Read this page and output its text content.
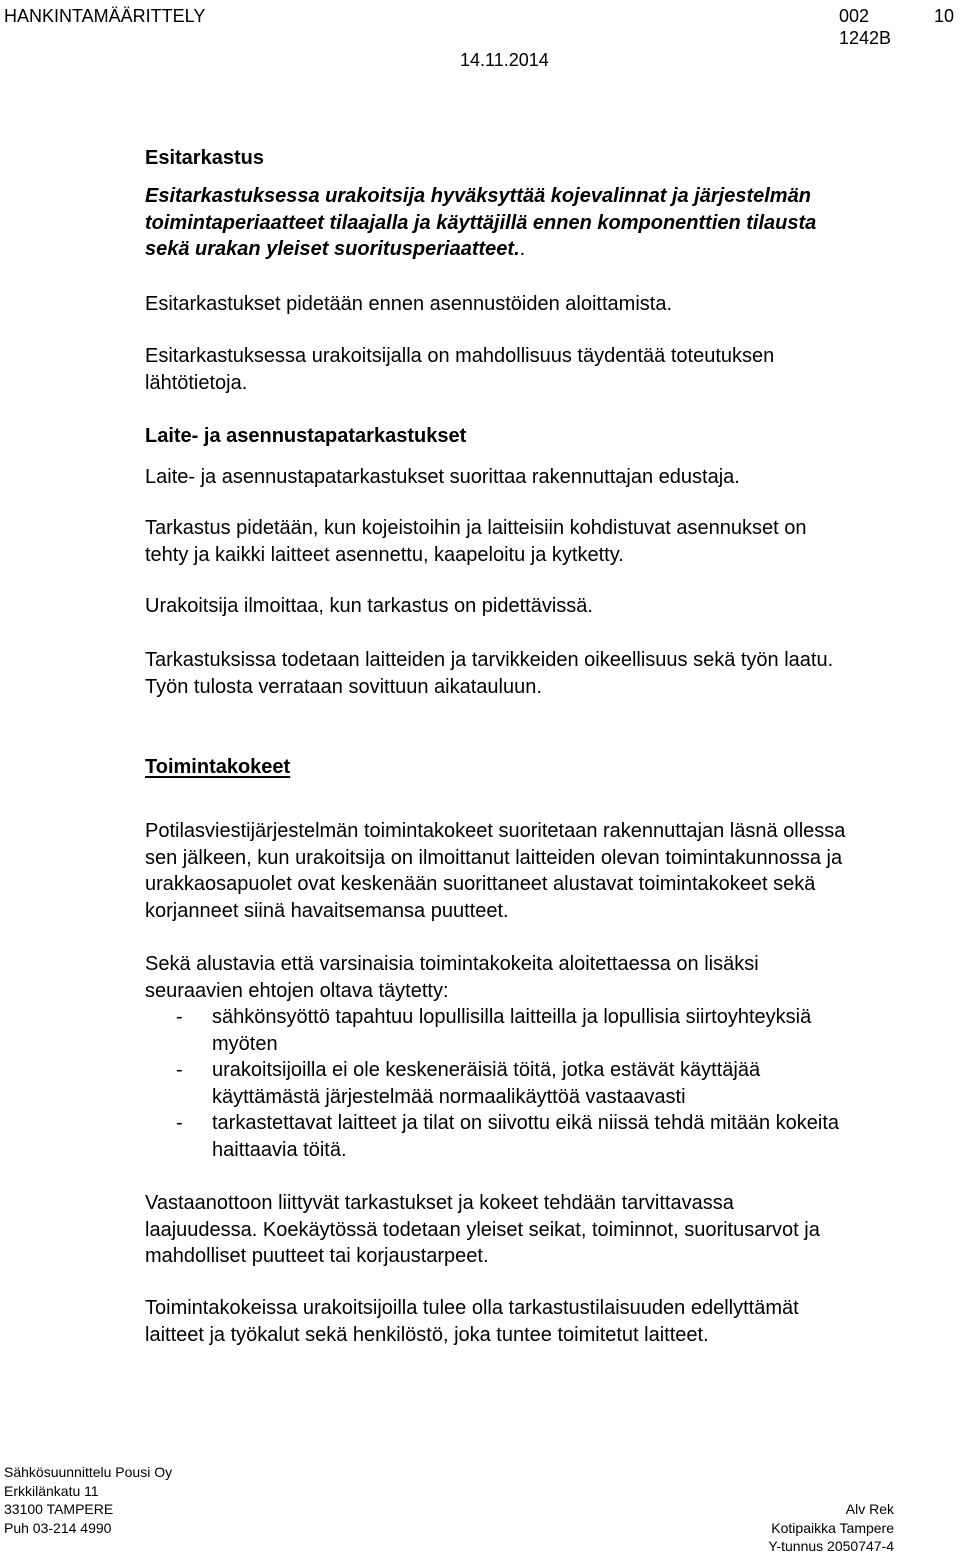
HANKINTAMÄÄRITTELY
14.11.2014
002
1242B
10
Esitarkastus
Esitarkastuksessa urakoitsija hyväksyttää kojevalinnat ja järjestelmän
toimintaperiaatteet tilaajalla ja käyttäjillä ennen komponenttien tilausta
sekä urakan yleiset suoritusperiaatteet..
Esitarkastukset pidetään ennen asennustöiden aloittamista.
Esitarkastuksessa urakoitsijalla on mahdollisuus täydentää toteutuksen
lähtötietoja.
Laite- ja asennustapatarkastukset
Laite- ja asennustapatarkastukset suorittaa rakennuttajan edustaja.
Tarkastus pidetään, kun kojeistoihin ja laitteisiin kohdistuvat asennukset on
tehty ja kaikki laitteet asennettu, kaapeloitu ja kytketty.
Urakoitsija ilmoittaa, kun tarkastus on pidettävissä.
Tarkastuksissa todetaan laitteiden ja tarvikkeiden oikeellisuus sekä työn laatu.
Työn tulosta verrataan sovittuun aikatauluun.
Toimintakokeet
Potilasviestijärjestelmän toimintakokeet suoritetaan rakennuttajan läsnä ollessa
sen jälkeen, kun urakoitsija on ilmoittanut laitteiden olevan toimintakunnossa ja
urakkaosapuolet ovat keskenään suorittaneet alustavat toimintakokeet sekä
korjanneet siinä havaitsemansa puutteet.
Sekä alustavia että varsinaisia toimintakokeita aloitettaessa on lisäksi
seuraavien ehtojen oltava täytetty:
- sähkönsyöttö tapahtuu lopullisilla laitteilla ja lopullisia siirtoyhteyksiä
myöten
- urakoitsijoilla ei ole keskeneräisiä töitä, jotka estävät käyttäjää
käyttämästä järjestelmää normaalikäyttöä vastaavasti
- tarkastettavat laitteet ja tilat on siivottu eikä niissä tehdä mitään kokeita
haittaavia töitä.
Vastaanottoon liittyvät tarkastukset ja kokeet tehdään tarvittavassa
laajuudessa. Koekäytössä todetaan yleiset seikat, toiminnot, suoritusarvot ja
mahdolliset puutteet tai korjaustarpeet.
Toimintakokeissa urakoitsijoilla tulee olla tarkastustilaisuuden edellyttämät
laitteet ja työkalut sekä henkilöstö, joka tuntee toimitetut laitteet.
Sähkösuunnittelu Pousi Oy
Erkkilänkatu 11
33100 TAMPERE
Puh 03-214 4990
Alv Rek
Kotipaikka Tampere
Y-tunnus 2050747-4
